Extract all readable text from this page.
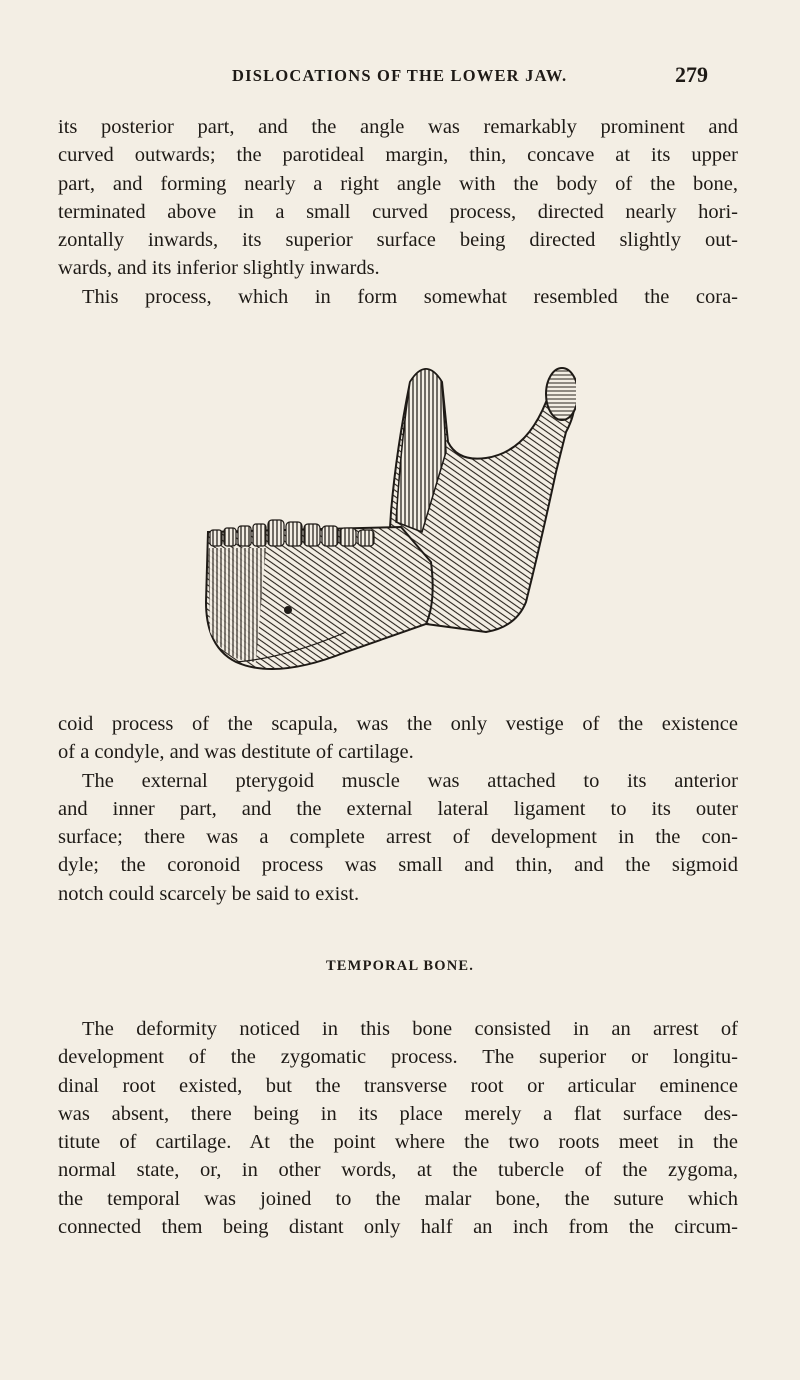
DISLOCATIONS OF THE LOWER JAW.	279
its posterior part, and the angle was remarkably prominent and
curved outwards; the parotideal margin, thin, concave at its upper
part, and forming nearly a right angle with the body of the bone,
terminated above in a small curved process, directed nearly hori-
zontally inwards, its superior surface being directed slightly out-
wards, and its inferior slightly inwards.
This process, which in form somewhat resembled the cora-
coid process of the scapula, was the only vestige of the existence
of a condyle, and was destitute of cartilage.
The external pterygoid muscle was attached to its anterior
and inner part, and the external lateral ligament to its outer
surface; there was a complete arrest of development in the con-
dyle; the coronoid process was small and thin, and the sigmoid
notch could scarcely be said to exist.
TEMPORAL BONE.
The deformity noticed in this bone consisted in an arrest of
development of the zygomatic process. The superior or longitu-
dinal root existed, but the transverse root or articular eminence
was absent, there being in its place merely a flat surface des-
titute of cartilage. At the point where the two roots meet in the
normal state, or, in other words, at the tubercle of the zygoma,
the temporal was joined to the malar bone, the suture which
connected them being distant only half an inch from the circum-
